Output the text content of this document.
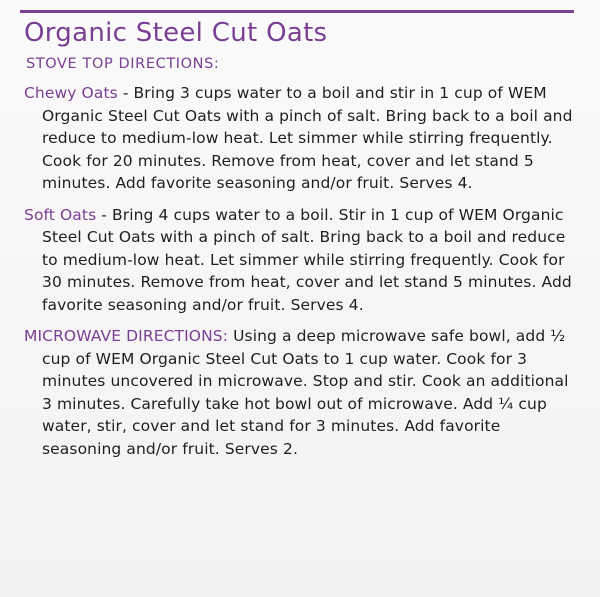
Organic Steel Cut Oats
STOVE TOP DIRECTIONS:

Chewy Oats - Bring 3 cups water to a boil and stir in 1 cup of WEM Organic Steel Cut Oats with a pinch of salt. Bring back to a boil and reduce to medium-low heat. Let simmer while stirring frequently. Cook for 20 minutes. Remove from heat, cover and let stand 5 minutes. Add favorite seasoning and/or fruit. Serves 4.

Soft Oats - Bring 4 cups water to a boil. Stir in 1 cup of WEM Organic Steel Cut Oats with a pinch of salt. Bring back to a boil and reduce to medium-low heat. Let simmer while stirring frequently. Cook for 30 minutes. Remove from heat, cover and let stand 5 minutes. Add favorite seasoning and/or fruit. Serves 4.

MICROWAVE DIRECTIONS: Using a deep microwave safe bowl, add ½ cup of WEM Organic Steel Cut Oats to 1 cup water. Cook for 3 minutes uncovered in microwave. Stop and stir. Cook an additional 3 minutes. Carefully take hot bowl out of microwave. Add ¼ cup water, stir, cover and let stand for 3 minutes. Add favorite seasoning and/or fruit. Serves 2.
